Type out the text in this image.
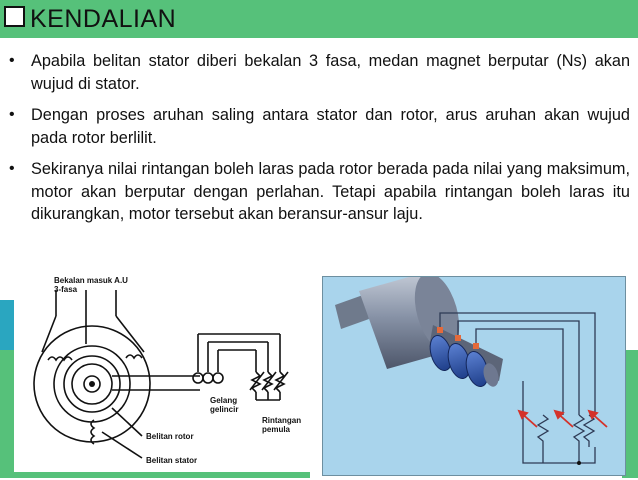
KENDALIAN
• Apabila belitan stator diberi bekalan 3 fasa, medan magnet berputar (Ns) akan wujud di stator.
• Dengan proses aruhan saling antara stator dan rotor, arus aruhan akan wujud pada rotor berlilit.
• Sekiranya nilai rintangan boleh laras pada rotor berada pada nilai yang maksimum, motor akan berputar dengan perlahan. Tetapi apabila rintangan boleh laras itu dikurangkan, motor tersebut akan beransur-ansur laju.
Bekalan masuk A.U
3-fasa
Gelang
gelincir
Rintangan
pemula
Belitan rotor
Belitan stator
